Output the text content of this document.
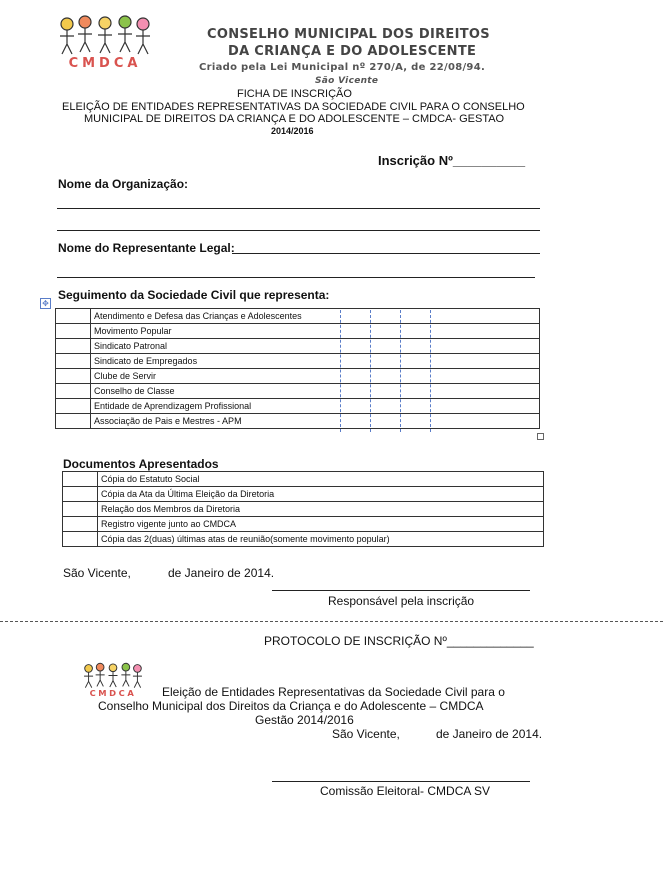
CMDCA
CONSELHO MUNICIPAL DOS DIREITOS
DA CRIANÇA E DO ADOLESCENTE
Criado pela Lei Municipal nº 270/A, de 22/08/94.
São Vicente
FICHA DE INSCRIÇÃO
ELEIÇÃO DE ENTIDADES REPRESENTATIVAS DA SOCIEDADE CIVIL PARA O CONSELHO
MUNICIPAL DE DIREITOS DA CRIANÇA E DO ADOLESCENTE – CMDCA- GESTAO
2014/2016
Inscrição Nº__________
Nome da Organização:
Nome do Representante Legal:
✥
Seguimento da Sociedade Civil que representa:
	Atendimento e Defesa das Crianças e Adolescentes
	Movimento Popular
	Sindicato Patronal
	Sindicato de Empregados
	Clube de Servir
	Conselho de Classe
	Entidade de Aprendizagem Profissional
	Associação de Pais e Mestres - APM
Documentos Apresentados
	Cópia do Estatuto Social
	Cópia da Ata da Última Eleição da Diretoria
	Relação dos Membros da Diretoria
	Registro vigente junto ao CMDCA
	Cópia das 2(duas) últimas atas de reunião(somente movimento popular)
São Vicente,	de Janeiro de 2014.
Responsável pela inscrição
PROTOCOLO DE INSCRIÇÃO Nº_____________
CMDCA Eleição de Entidades Representativas da Sociedade Civil para o
Conselho Municipal dos Direitos da Criança e do Adolescente – CMDCA
Gestão 2014/2016
São Vicente,	de Janeiro de 2014.
Comissão Eleitoral- CMDCA SV
